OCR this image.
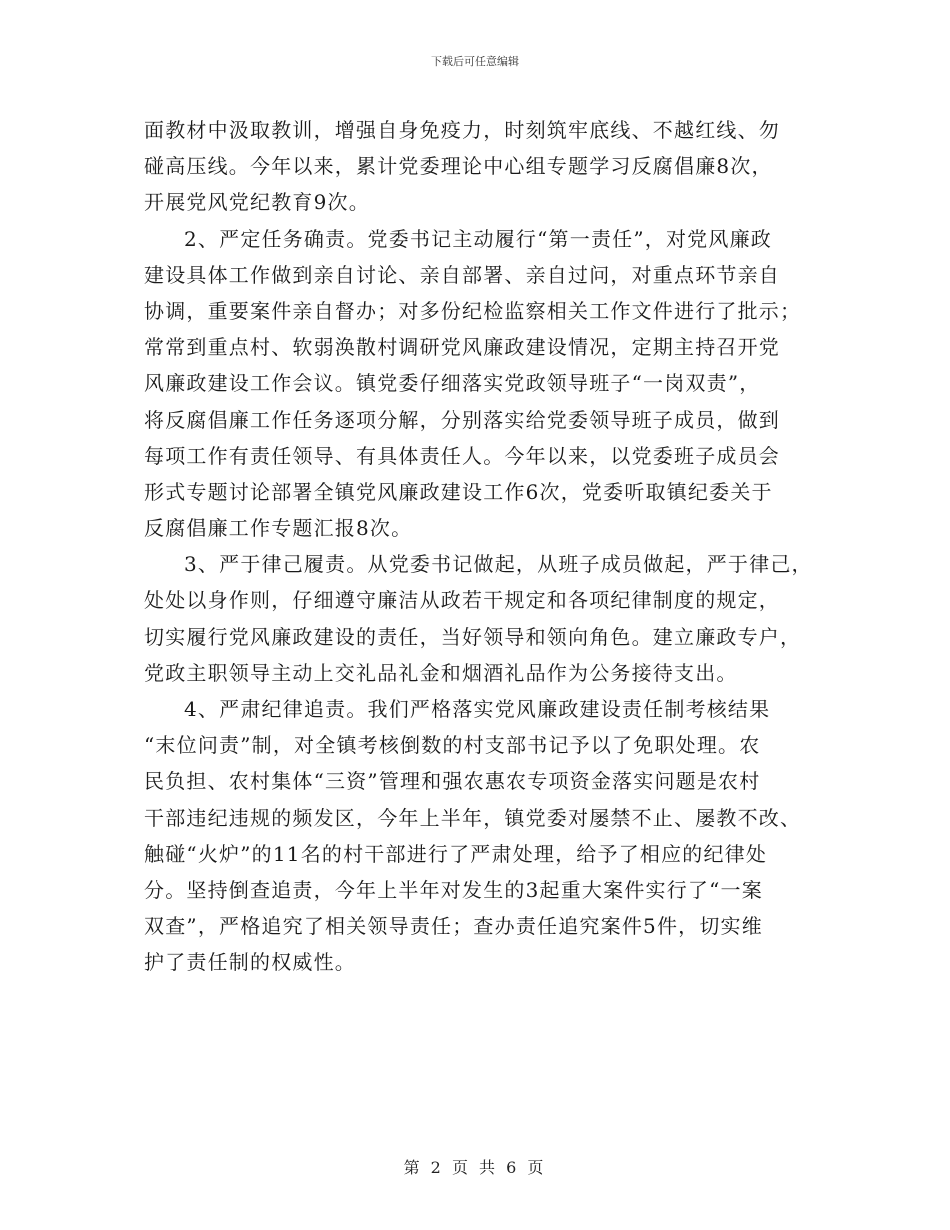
下载后可任意编辑
面教材中汲取教训，增强自身免疫力，时刻筑牢底线、不越红线、勿
碰高压线。今年以来，累计党委理论中心组专题学习反腐倡廉8次，
开展党风党纪教育9次。
2、严定任务确责。党委书记主动履行“第一责任”，对党风廉政
建设具体工作做到亲自讨论、亲自部署、亲自过问，对重点环节亲自
协调，重要案件亲自督办；对多份纪检监察相关工作文件进行了批示；
常常到重点村、软弱涣散村调研党风廉政建设情况，定期主持召开党
风廉政建设工作会议。镇党委仔细落实党政领导班子“一岗双责”，
将反腐倡廉工作任务逐项分解，分别落实给党委领导班子成员，做到
每项工作有责任领导、有具体责任人。今年以来，以党委班子成员会
形式专题讨论部署全镇党风廉政建设工作6次，党委听取镇纪委关于
反腐倡廉工作专题汇报8次。
3、严于律己履责。从党委书记做起，从班子成员做起，严于律己，
处处以身作则，仔细遵守廉洁从政若干规定和各项纪律制度的规定，
切实履行党风廉政建设的责任，当好领导和领向角色。建立廉政专户，
党政主职领导主动上交礼品礼金和烟酒礼品作为公务接待支出。
4、严肃纪律追责。我们严格落实党风廉政建设责任制考核结果
“末位问责”制，对全镇考核倒数的村支部书记予以了免职处理。农
民负担、农村集体“三资”管理和强农惠农专项资金落实问题是农村
干部违纪违规的频发区，今年上半年，镇党委对屡禁不止、屡教不改、
触碰“火炉”的11名的村干部进行了严肃处理，给予了相应的纪律处
分。坚持倒查追责，今年上半年对发生的3起重大案件实行了“一案
双查”，严格追究了相关领导责任；查办责任追究案件5件，切实维
护了责任制的权威性。
第 2 页 共 6 页
